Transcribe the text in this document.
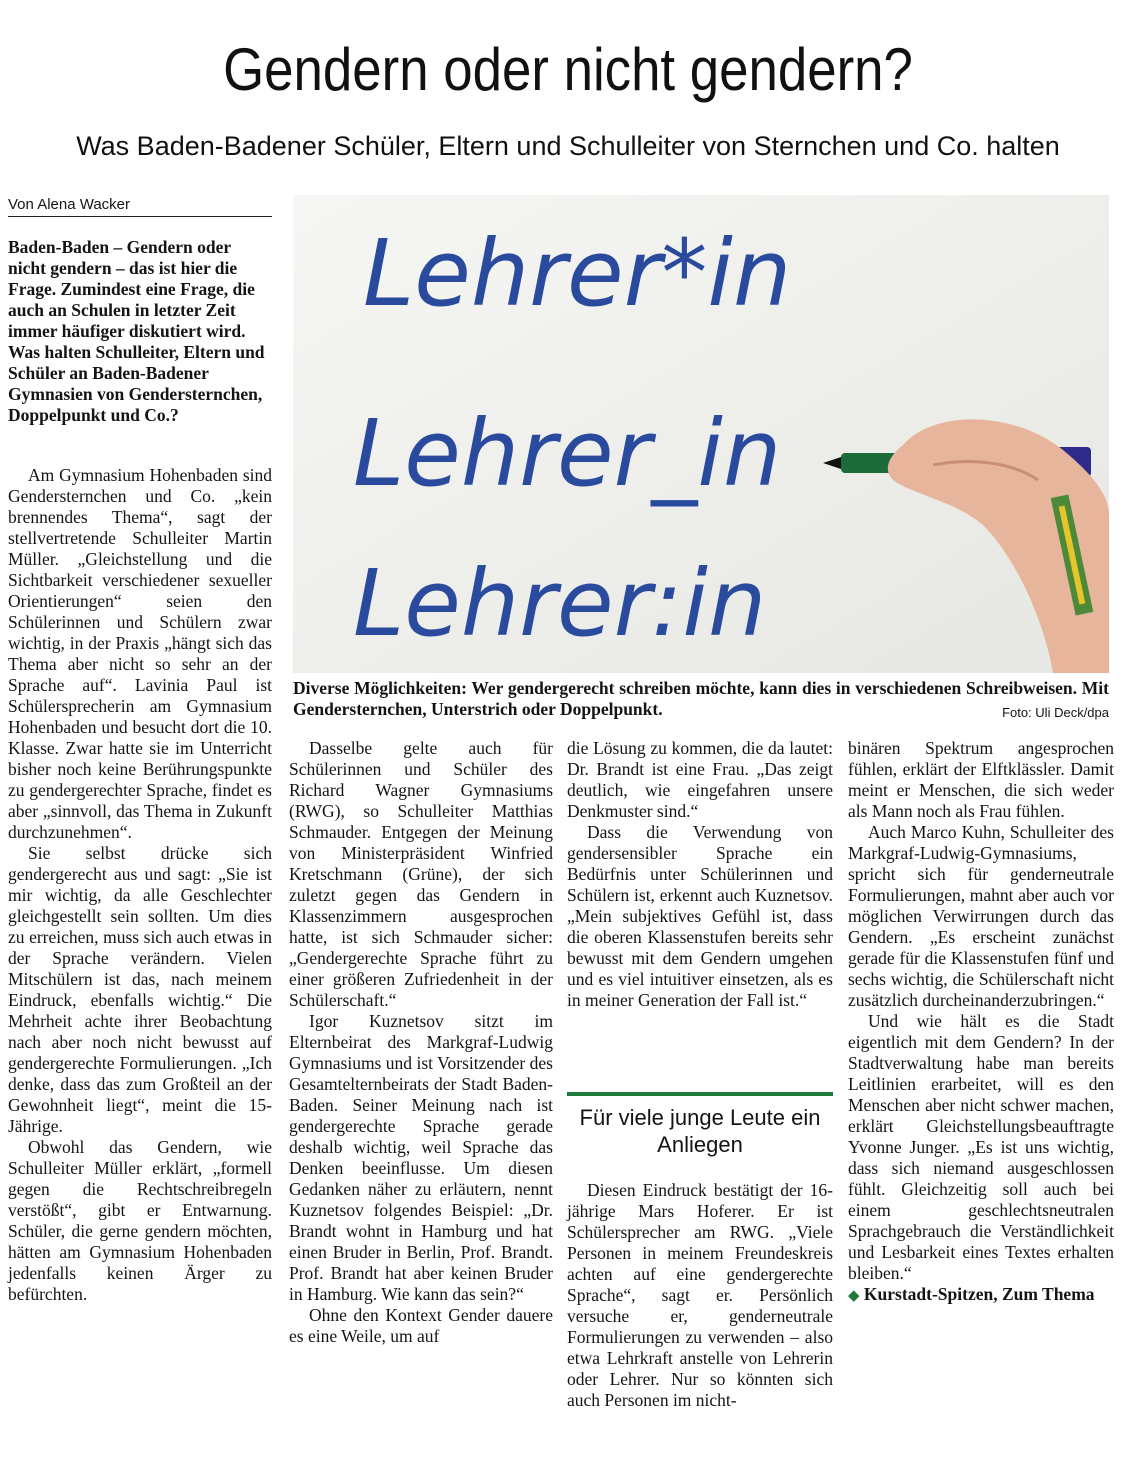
Gendern oder nicht gendern?
Was Baden-Badener Schüler, Eltern und Schulleiter von Sternchen und Co. halten
Von Alena Wacker

Baden-Baden – Gendern oder nicht gendern – das ist hier die Frage. Zumindest eine Frage, die auch an Schulen in letzter Zeit immer häufiger diskutiert wird. Was halten Schulleiter, Eltern und Schüler an Baden-Badener Gymnasien von Gendersternchen, Doppelpunkt und Co.?

Am Gymnasium Hohenbaden sind Gendersternchen und Co. „kein brennendes Thema“, sagt der stellvertretende Schulleiter Martin Müller. „Gleichstellung und die Sichtbarkeit verschiedener sexueller Orientierungen“ seien den Schülerinnen und Schülern zwar wichtig, in der Praxis „hängt sich das Thema aber nicht so sehr an der Sprache auf“. Lavinia Paul ist Schülersprecherin am Gymnasium Hohenbaden und besucht dort die 10. Klasse. Zwar hatte sie im Unterricht bisher noch keine Berührungspunkte zu gendergerechter Sprache, findet es aber „sinnvoll, das Thema in Zukunft durchzunehmen“.

Sie selbst drücke sich gendergerecht aus und sagt: „Sie ist mir wichtig, da alle Geschlechter gleichgestellt sein sollten. Um dies zu erreichen, muss sich auch etwas in der Sprache verändern. Vielen Mitschülern ist das, nach meinem Eindruck, ebenfalls wichtig.“ Die Mehrheit achte ihrer Beobachtung nach aber noch nicht bewusst auf gendergerechte Formulierungen. „Ich denke, dass das zum Großteil an der Gewohnheit liegt“, meint die 15-Jährige.

Obwohl das Gendern, wie Schulleiter Müller erklärt, „formell gegen die Rechtschreibregeln verstößt“, gibt er Entwarnung. Schüler, die gerne gendern möchten, hätten am Gymnasium Hohenbaden jedenfalls keinen Ärger zu befürchten.

Lehrer*in
Lehrer_in
Lehrer:in

Diverse Möglichkeiten: Wer gendergerecht schreiben möchte, kann dies in verschiedenen Schreibweisen. Mit Gendersternchen, Unterstrich oder Doppelpunkt.	Foto: Uli Deck/dpa

Dasselbe gelte auch für Schülerinnen und Schüler des Richard Wagner Gymnasiums (RWG), so Schulleiter Matthias Schmauder. Entgegen der Meinung von Ministerpräsident Winfried Kretschmann (Grüne), der sich zuletzt gegen das Gendern in Klassenzimmern ausgesprochen hatte, ist sich Schmauder sicher: „Gendergerechte Sprache führt zu einer größeren Zufriedenheit in der Schülerschaft.“

Igor Kuznetsov sitzt im Elternbeirat des Markgraf-Ludwig Gymnasiums und ist Vorsitzender des Gesamtelternbeirats der Stadt Baden-Baden. Seiner Meinung nach ist gendergerechte Sprache gerade deshalb wichtig, weil Sprache das Denken beeinflusse. Um diesen Gedanken näher zu erläutern, nennt Kuznetsov folgendes Beispiel: „Dr. Brandt wohnt in Hamburg und hat einen Bruder in Berlin, Prof. Brandt. Prof. Brandt hat aber keinen Bruder in Hamburg. Wie kann das sein?“

Ohne den Kontext Gender dauere es eine Weile, um auf

die Lösung zu kommen, die da lautet: Dr. Brandt ist eine Frau. „Das zeigt deutlich, wie eingefahren unsere Denkmuster sind.“

Dass die Verwendung von gendersensibler Sprache ein Bedürfnis unter Schülerinnen und Schülern ist, erkennt auch Kuznetsov. „Mein subjektives Gefühl ist, dass die oberen Klassenstufen bereits sehr bewusst mit dem Gendern umgehen und es viel intuitiver einsetzen, als es in meiner Generation der Fall ist.“

Für viele junge Leute ein Anliegen

Diesen Eindruck bestätigt der 16-jährige Mars Hoferer. Er ist Schülersprecher am RWG. „Viele Personen in meinem Freundeskreis achten auf eine gendergerechte Sprache“, sagt er. Persönlich versuche er, genderneutrale Formulierungen zu verwenden – also etwa Lehrkraft anstelle von Lehrerin oder Lehrer. Nur so könnten sich auch Personen im nicht-

binären Spektrum angesprochen fühlen, erklärt der Elftklässler. Damit meint er Menschen, die sich weder als Mann noch als Frau fühlen.

Auch Marco Kuhn, Schulleiter des Markgraf-Ludwig-Gymnasiums, spricht sich für genderneutrale Formulierungen, mahnt aber auch vor möglichen Verwirrungen durch das Gendern. „Es erscheint zunächst gerade für die Klassenstufen fünf und sechs wichtig, die Schülerschaft nicht zusätzlich durcheinanderzubringen.“

Und wie hält es die Stadt eigentlich mit dem Gendern? In der Stadtverwaltung habe man bereits Leitlinien erarbeitet, will es den Menschen aber nicht schwer machen, erklärt Gleichstellungsbeauftragte Yvonne Junger. „Es ist uns wichtig, dass sich niemand ausgeschlossen fühlt. Gleichzeitig soll auch bei einem geschlechtsneutralen Sprachgebrauch die Verständlichkeit und Lesbarkeit eines Textes erhalten bleiben.“

◆ Kurstadt-Spitzen, Zum Thema
